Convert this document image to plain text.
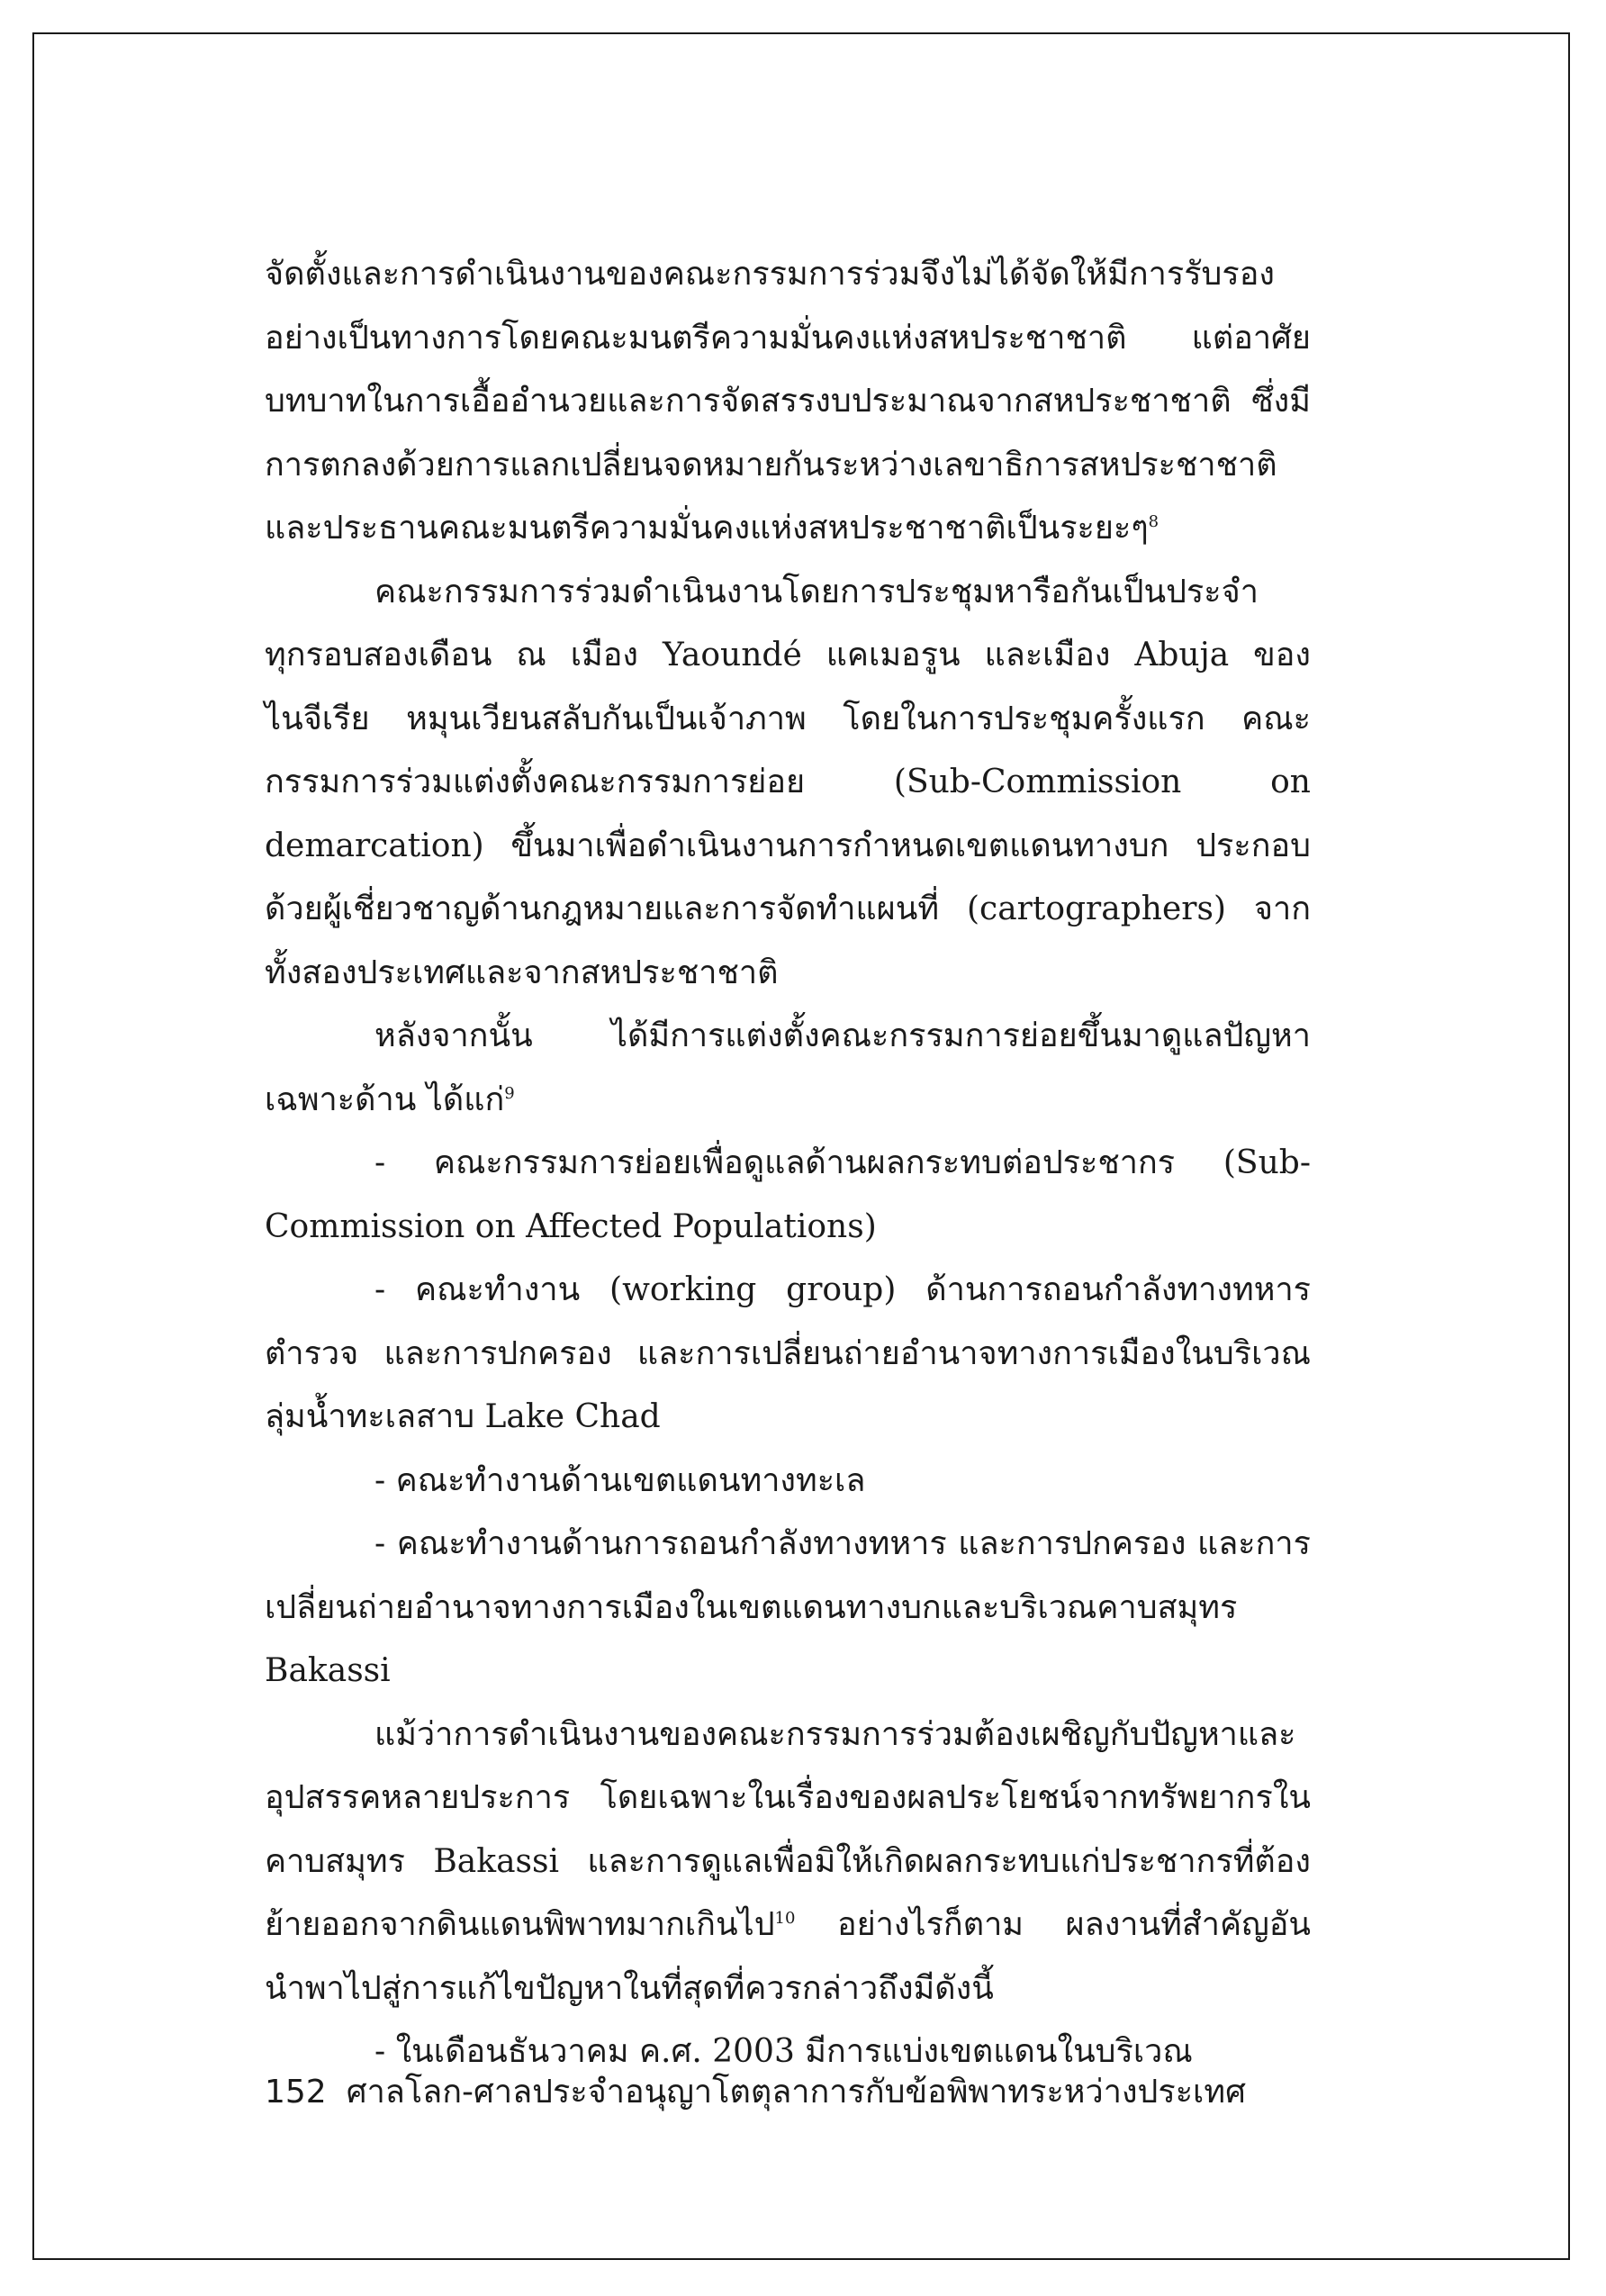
จัดตั้งและการดำเนินงานของคณะกรรมการร่วมจึงไม่ได้จัดให้มีการรับรองอย่างเป็นทางการโดยคณะมนตรีความมั่นคงแห่งสหประชาชาติ แต่อาศัยบทบาทในการเอื้ออำนวยและการจัดสรรงบประมาณจากสหประชาชาติ ซึ่งมีการตกลงด้วยการแลกเปลี่ยนจดหมายกันระหว่างเลขาธิการสหประชาชาติและประธานคณะมนตรีความมั่นคงแห่งสหประชาชาติเป็นระยะๆ$^8$

คณะกรรมการร่วมดำเนินงานโดยการประชุมหารือกันเป็นประจำทุกรอบสองเดือน ณ เมือง Yaoundé แคเมอรูน และเมือง Abuja ของไนจีเรีย หมุนเวียนสลับกันเป็นเจ้าภาพ โดยในการประชุมครั้งแรก คณะกรรมการร่วมแต่งตั้งคณะกรรมการย่อย (Sub-Commission on demarcation) ขึ้นมาเพื่อดำเนินงานการกำหนดเขตแดนทางบก ประกอบด้วยผู้เชี่ยวชาญด้านกฎหมายและการจัดทำแผนที่ (cartographers) จากทั้งสองประเทศและจากสหประชาชาติ

หลังจากนั้น ได้มีการแต่งตั้งคณะกรรมการย่อยขึ้นมาดูแลปัญหาเฉพาะด้าน ได้แก่$^9$

- คณะกรรมการย่อยเพื่อดูแลด้านผลกระทบต่อประชากร (Sub-Commission on Affected Populations)

- คณะทำงาน (working group) ด้านการถอนกำลังทางทหาร ตำรวจ และการปกครอง และการเปลี่ยนถ่ายอำนาจทางการเมืองในบริเวณลุ่มน้ำทะเลสาบ Lake Chad

- คณะทำงานด้านเขตแดนทางทะเล

- คณะทำงานด้านการถอนกำลังทางทหาร และการปกครอง และการเปลี่ยนถ่ายอำนาจทางการเมืองในเขตแดนทางบกและบริเวณคาบสมุทร Bakassi

แม้ว่าการดำเนินงานของคณะกรรมการร่วมต้องเผชิญกับปัญหาและอุปสรรคหลายประการ โดยเฉพาะในเรื่องของผลประโยชน์จากทรัพยากรในคาบสมุทร Bakassi และการดูแลเพื่อมิให้เกิดผลกระทบแก่ประชากรที่ต้องย้ายออกจากดินแดนพิพาทมากเกินไป$^{10}$ อย่างไรก็ตาม ผลงานที่สำคัญอันนำพาไปสู่การแก้ไขปัญหาในที่สุดที่ควรกล่าวถึงมีดังนี้

- ในเดือนธันวาคม ค.ศ. 2003 มีการแบ่งเขตแดนในบริเวณ

152 ศาลโลก-ศาลประจำอนุญาโตตุลาการกับข้อพิพาทระหว่างประเทศ
